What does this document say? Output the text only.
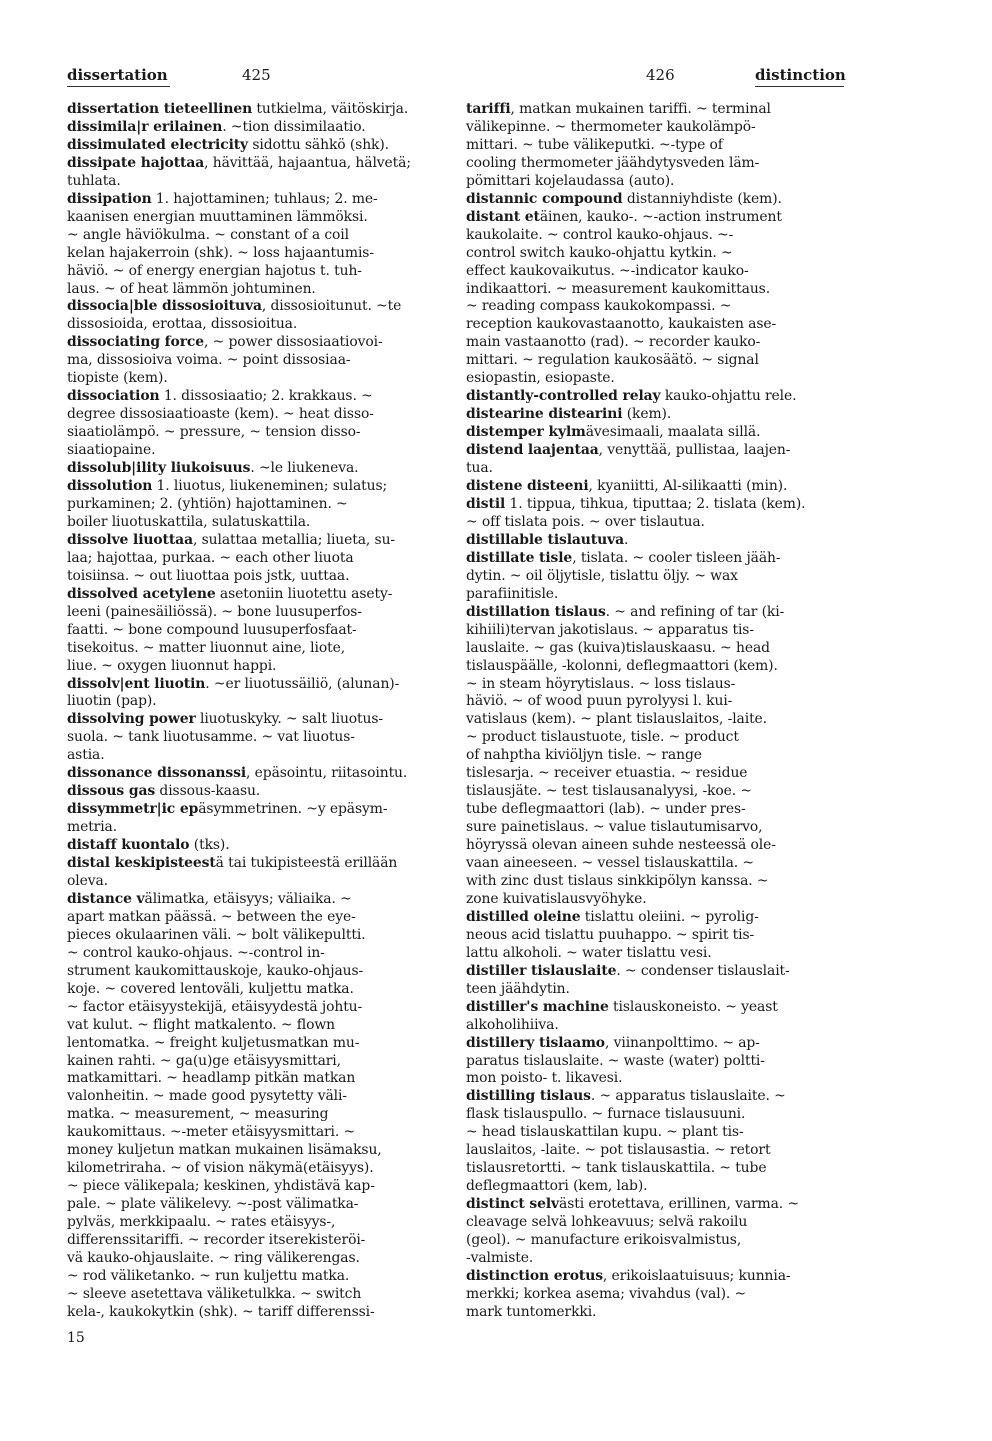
dissertation	425	426	distinction
dissertation tieteellinen tutkielma, väitöskirja.
dissimila|r erilainen. ~tion dissimilaatio.
dissimulated electricity sidottu sähkö (shk).
dissipate hajottaa, hävittää, hajaantua, hälvetä;
tuhlata.
dissipation 1. hajottaminen; tuhlaus; 2. me-
kaanisen energian muuttaminen lämmöksi.
~ angle häviökulma. ~ constant of a coil
kelan hajakerroin (shk). ~ loss hajaantumis-
häviö. ~ of energy energian hajotus t. tuh-
laus. ~ of heat lämmön johtuminen.
dissocia|ble dissosioituva, dissosioitunut. ~te
dissosioida, erottaa, dissosioitua.
dissociating force, ~ power dissosiaatiovoi-
ma, dissosioiva voima. ~ point dissosiaa-
tiopiste (kem).
dissociation 1. dissosiaatio; 2. krakkaus. ~
degree dissosiaatioaste (kem). ~ heat disso-
siaatiolämpö. ~ pressure, ~ tension disso-
siaatiopaine.
dissolub|ility liukoisuus. ~le liukeneva.
dissolution 1. liuotus, liukeneminen; sulatus;
purkaminen; 2. (yhtiön) hajottaminen. ~
boiler liuotuskattila, sulatuskattila.
dissolve liuottaa, sulattaa metallia; liueta, su-
laa; hajottaa, purkaa. ~ each other liuota
toisiinsa. ~ out liuottaa pois jstk, uuttaa.
dissolved acetylene asetoniin liuotettu asety-
leeni (painesäiliössä). ~ bone luusuperfos-
faatti. ~ bone compound luusuperfosfaat-
tisekoitus. ~ matter liuonnut aine, liote,
liue. ~ oxygen liuonnut happi.
dissolv|ent liuotin. ~er liuotussäiliö, (alunan)-
liuotin (pap).
dissolving power liuotuskyky. ~ salt liuotus-
suola. ~ tank liuotusamme. ~ vat liuotus-
astia.
dissonance dissonanssi, epäsointu, riitasointu.
dissous gas dissous-kaasu.
dissymmetr|ic epäsymmetrinen. ~y epäsym-
metria.
distaff kuontalo (tks).
distal keskipisteestä tai tukipisteestä erillään
oleva.
distance välimatka, etäisyys; väliaika. ~
apart matkan päässä. ~ between the eye-
pieces okulaarinen väli. ~ bolt välikepultti.
~ control kauko-ohjaus. ~-control in-
strument kaukomittauskoje, kauko-ohjaus-
koje. ~ covered lentoväli, kuljettu matka.
~ factor etäisyystekijä, etäisyydestä johtu-
vat kulut. ~ flight matkalento. ~ flown
lentomatka. ~ freight kuljetusmatkan mu-
kainen rahti. ~ ga(u)ge etäisyysmittari,
matkamittari. ~ headlamp pitkän matkan
valonheitin. ~ made good pysytetty väli-
matka. ~ measurement, ~ measuring
kaukomittaus. ~-meter etäisyysmittari. ~
money kuljetun matkan mukainen lisämaksu,
kilometriraha. ~ of vision näkymä(etäisyys).
~ piece välikepala; keskinen, yhdistävä kap-
pale. ~ plate välikelevy. ~-post välimatka-
pylväs, merkkipaalu. ~ rates etäisyys-,
differenssitariffi. ~ recorder itserekisteröi-
vä kauko-ohjauslaite. ~ ring välikerengas.
~ rod väliketanko. ~ run kuljettu matka.
~ sleeve asetettava väliketulkka. ~ switch
kela-, kaukokytkin (shk). ~ tariff differenssi-
tariffi, matkan mukainen tariffi. ~ terminal
välikepinne. ~ thermometer kaukolämpö-
mittari. ~ tube välikeputki. ~-type of
cooling thermometer jäähdytysveden läm-
pömittari kojelaudassa (auto).
distannic compound distanniyhdiste (kem).
distant etäinen, kauko-. ~-action instrument
kaukolaite. ~ control kauko-ohjaus. ~-
control switch kauko-ohjattu kytkin. ~
effect kaukovaikutus. ~-indicator kauko-
indikaattori. ~ measurement kaukomittaus.
~ reading compass kaukokompassi. ~
reception kaukovastaanotto, kaukaisten ase-
main vastaanotto (rad). ~ recorder kauko-
mittari. ~ regulation kaukosäätö. ~ signal
esiopastin, esiopaste.
distantly-controlled relay kauko-ohjattu rele.
distearine distearini (kem).
distemper kylmävesimaali, maalata sillä.
distend laajentaa, venyttää, pullistaa, laajen-
tua.
distene disteeni, kyaniitti, Al-silikaatti (min).
distil 1. tippua, tihkua, tiputtaa; 2. tislata (kem).
~ off tislata pois. ~ over tislautua.
distillable tislautuva.
distillate tisle, tislata. ~ cooler tisleen jääh-
dytin. ~ oil öljytisle, tislattu öljy. ~ wax
parafiinitisle.
distillation tislaus. ~ and refining of tar (ki-
kihiili)tervan jakotislaus. ~ apparatus tis-
lauslaite. ~ gas (kuiva)tislauskaasu. ~ head
tislauspäälle, -kolonni, deflegmaattori (kem).
~ in steam höyrytislaus. ~ loss tislaus-
häviö. ~ of wood puun pyrolyysi l. kui-
vatislaus (kem). ~ plant tislauslaitos, -laite.
~ product tislaustuote, tisle. ~ product
of nahptha kiviöljyn tisle. ~ range
tislesarja. ~ receiver etuastia. ~ residue
tislausjäte. ~ test tislausanalyysi, -koe. ~
tube deflegmaattori (lab). ~ under pres-
sure painetislaus. ~ value tislautumisarvo,
höyryssä olevan aineen suhde nesteessä ole-
vaan aineeseen. ~ vessel tislauskattila. ~
with zinc dust tislaus sinkkipölyn kanssa. ~
zone kuivatislausvyöhyke.
distilled oleine tislattu oleiini. ~ pyrolig-
neous acid tislattu puuhappo. ~ spirit tis-
lattu alkoholi. ~ water tislattu vesi.
distiller tislauslaite. ~ condenser tislauslait-
teen jäähdytin.
distiller's machine tislauskoneisto. ~ yeast
alkoholihiiva.
distillery tislaamo, viinanpolttimo. ~ ap-
paratus tislauslaite. ~ waste (water) poltti-
mon poisto- t. likavesi.
distilling tislaus. ~ apparatus tislauslaite. ~
flask tislauspullo. ~ furnace tislausuuni.
~ head tislauskattilan kupu. ~ plant tis-
lauslaitos, -laite. ~ pot tislausastia. ~ retort
tislausretortti. ~ tank tislauskattila. ~ tube
deflegmaattori (kem, lab).
distinct selvästi erotettava, erillinen, varma. ~
cleavage selvä lohkeavuus; selvä rakoilu
(geol). ~ manufacture erikoisvalmistus,
-valmiste.
distinction erotus, erikoislaatuisuus; kunnia-
merkki; korkea asema; vivahdus (val). ~
mark tuntomerkki.
15
